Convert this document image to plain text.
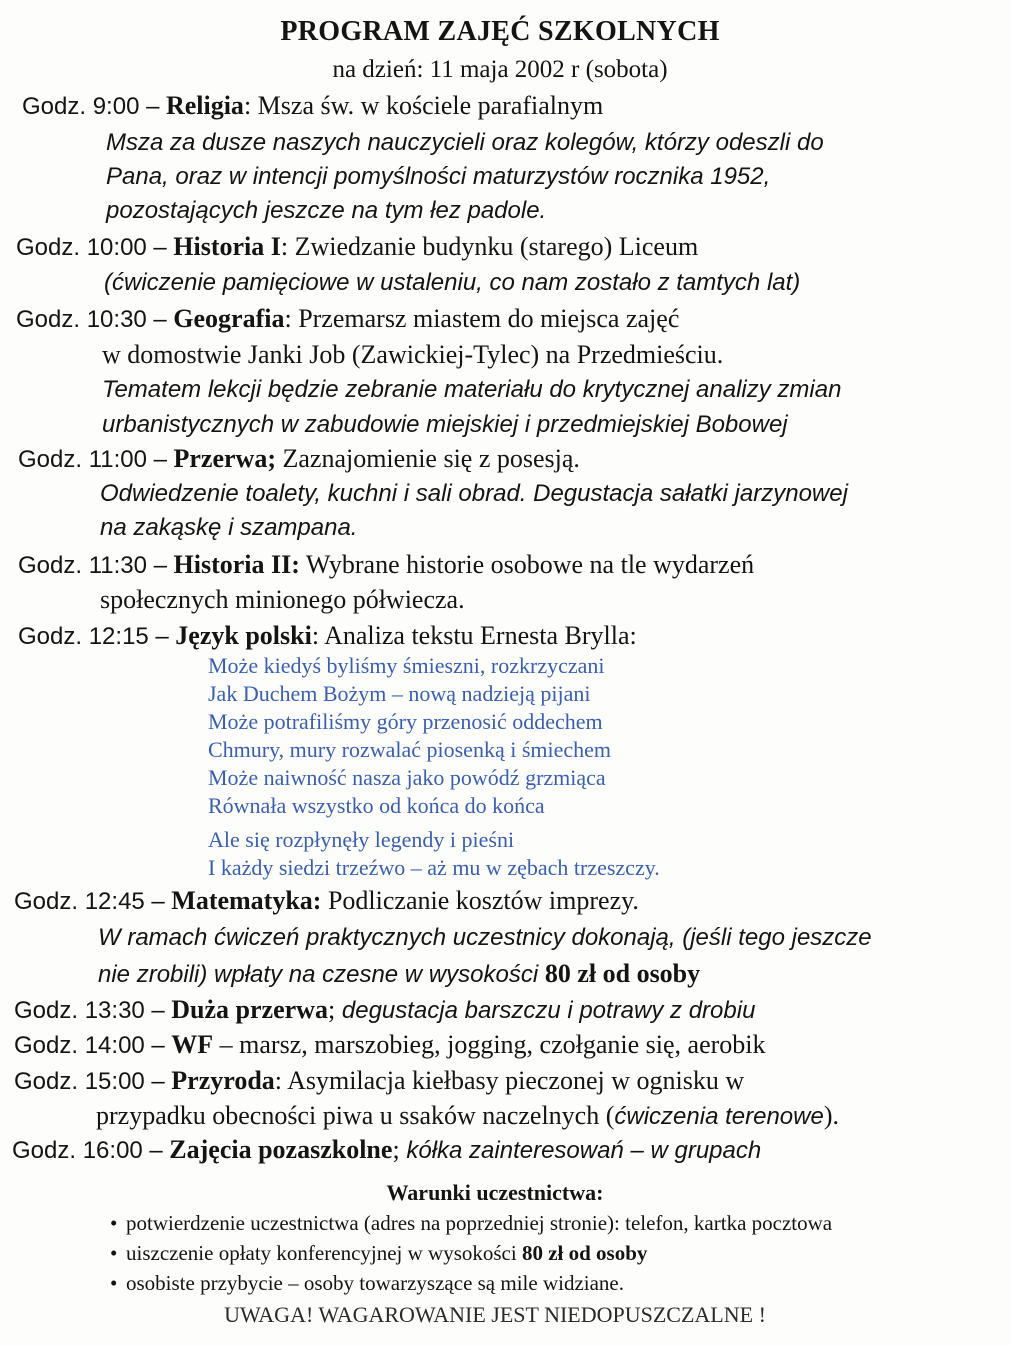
PROGRAM ZAJĘĆ SZKOLNYCH
na dzień: 11 maja 2002 r (sobota)
Godz. 9:00 – Religia: Msza św. w kościele parafialnym
Msza za dusze naszych nauczycieli oraz kolegów, którzy odeszli do
Pana, oraz w intencji pomyślności maturzystów rocznika 1952,
pozostających jeszcze na tym łez padole.
Godz. 10:00 – Historia I: Zwiedzanie budynku (starego) Liceum
(ćwiczenie pamięciowe w ustaleniu, co nam zostało z tamtych lat)
Godz. 10:30 – Geografia: Przemarsz miastem do miejsca zajęć
w domostwie Janki Job (Zawickiej-Tylec) na Przedmieściu.
Tematem lekcji będzie zebranie materiału do krytycznej analizy zmian
urbanistycznych w zabudowie miejskiej i przedmiejskiej Bobowej
Godz. 11:00 – Przerwa; Zaznajomienie się z posesją.
Odwiedzenie toalety, kuchni i sali obrad. Degustacja sałatki jarzynowej
na zakąskę i szampana.
Godz. 11:30 – Historia II: Wybrane historie osobowe na tle wydarzeń
społecznych minionego półwiecza.
Godz. 12:15 – Język polski: Analiza tekstu Ernesta Brylla:
Może kiedyś byliśmy śmieszni, rozkrzyczani
Jak Duchem Bożym – nową nadzieją pijani
Może potrafiliśmy góry przenosić oddechem
Chmury, mury rozwalać piosenką i śmiechem
Może naiwność nasza jako powódź grzmiąca
Równała wszystko od końca do końca
Ale się rozpłynęły legendy i pieśni
I każdy siedzi trzeźwo – aż mu w zębach trzeszczy.
Godz. 12:45 – Matematyka: Podliczanie kosztów imprezy.
W ramach ćwiczeń praktycznych uczestnicy dokonają, (jeśli tego jeszcze
nie zrobili) wpłaty na czesne w wysokości 80 zł od osoby
Godz. 13:30 – Duża przerwa; degustacja barszczu i potrawy z drobiu
Godz. 14:00 – WF – marsz, marszobieg, jogging, czołganie się, aerobik
Godz. 15:00 – Przyroda: Asymilacja kiełbasy pieczonej w ognisku w
przypadku obecności piwa u ssaków naczelnych (ćwiczenia terenowe).
Godz. 16:00 – Zajęcia pozaszkolne; kółka zainteresowań – w grupach
Warunki uczestnictwa:
• potwierdzenie uczestnictwa (adres na poprzedniej stronie): telefon, kartka pocztowa
• uiszczenie opłaty konferencyjnej w wysokości 80 zł od osoby
• osobiste przybycie – osoby towarzyszące są mile widziane.
UWAGA! WAGAROWANIE JEST NIEDOPUSZCZALNE !
